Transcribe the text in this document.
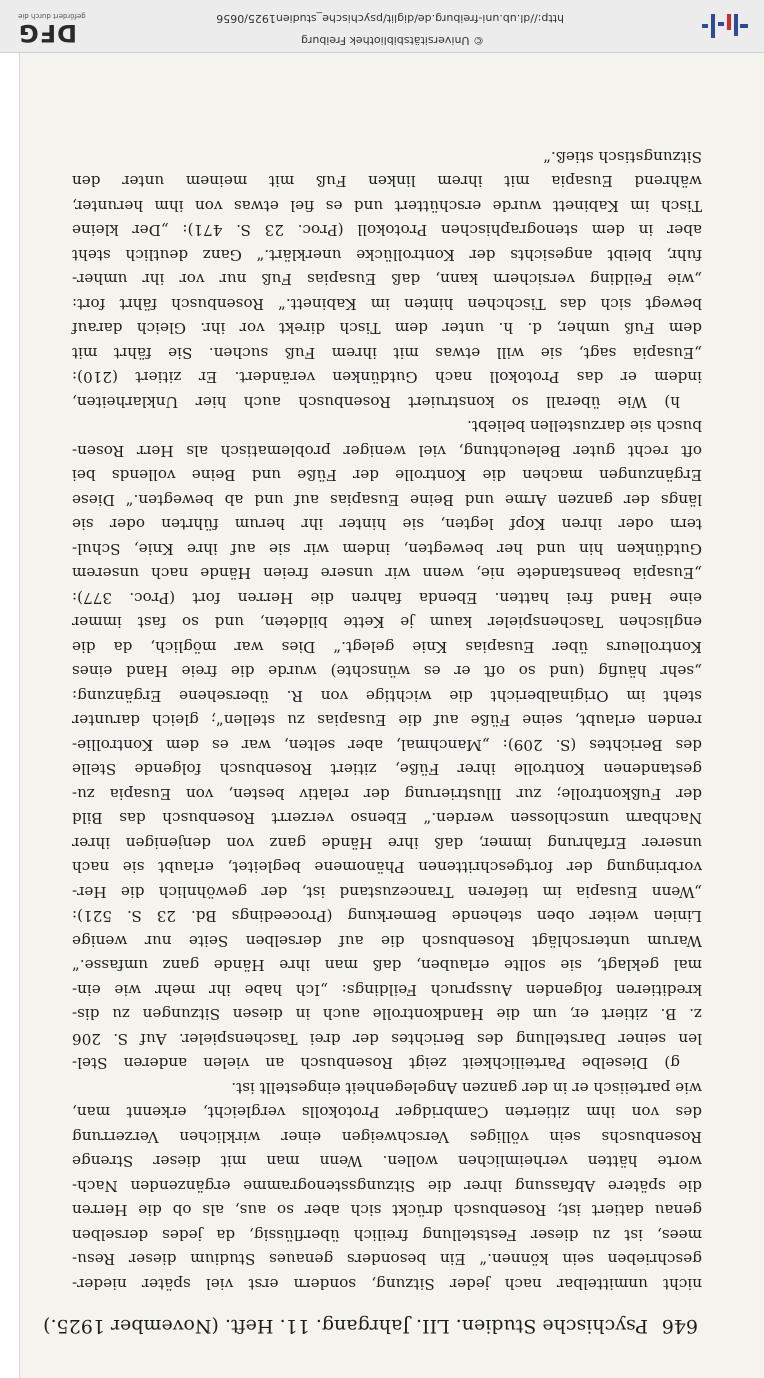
646
Psychische Studien. LII. Jahrgang. 11. Heft. (November 1925.)
nicht unmittelbar nach jeder Sitzung, sondern erst viel später nieder-
geschrieben sein können.“ Ein besonders genaues Studium dieser Resu-
mees, ist zu dieser Feststellung freilich überflüssig, da jedes derselben
genau datiert ist; Rosenbusch drückt sich aber so aus, als ob die Herren
die spätere Abfassung ihrer die Sitzungsstenogramme ergänzenden Nach-
worte hätten verheimlichen wollen. Wenn man mit dieser Strenge
Rosenbuschs sein völliges Verschweigen einer wirklichen Verzerrung
des von ihm zitierten Cambridger Protokolls vergleicht, erkennt man,
wie parteiisch er in der ganzen Angelegenheit eingestellt ist.
g) Dieselbe Parteilichkeit zeigt Rosenbusch an vielen anderen Stel-
len seiner Darstellung des Berichtes der drei Taschenspieler. Auf S. 206
z. B. zitiert er, um die Handkontrolle auch in diesen Sitzungen zu dis-
kreditieren folgenden Ausspruch Feildings: „Ich habe ihr mehr wie ein-
mal geklagt, sie sollte erlauben, daß man ihre Hände ganz umfasse.“
Warum unterschlägt Rosenbusch die auf derselben Seite nur wenige
Linien weiter oben stehende Bemerkung (Proceedings Bd. 23 S. 521):
„Wenn Eusapia im tieferen Trancezustand ist, der gewöhnlich die Her-
vorbringung der fortgeschrittenen Phänomene begleitet, erlaubt sie nach
unserer Erfahrung immer, daß ihre Hände ganz von denjenigen ihrer
Nachbarn umschlossen werden.“ Ebenso verzerrt Rosenbusch das Bild
der Fußkontrolle; zur Illustrierung der relativ besten, von Eusapia zu-
gestandenen Kontrolle ihrer Füße, zitiert Rosenbusch folgende Stelle
des Berichtes (S. 209): „Manchmal, aber selten, war es dem Kontrollie-
renden erlaubt, seine Füße auf die Eusapias zu stellen“; gleich darunter
steht im Originalbericht die wichtige von R. übersehene Ergänzung:
„sehr häufig (und so oft er es wünschte) wurde die freie Hand eines
Kontrolleurs über Eusapias Knie gelegt.“ Dies war möglich, da die
englischen Taschenspieler kaum je Kette bildeten, und so fast immer
eine Hand frei hatten. Ebenda fahren die Herren fort (Proc. 377):
„Eusapia beanstandete nie, wenn wir unsere freien Hände nach unserem
Gutdünken hin und her bewegten, indem wir sie auf ihre Knie, Schul-
tern oder ihren Kopf legten, sie hinter ihr herum führten oder sie
längs der ganzen Arme und Beine Eusapias auf und ab bewegten.“ Diese
Ergänzungen machen die Kontrolle der Füße und Beine vollends bei
oft recht guter Beleuchtung, viel weniger problematisch als Herr Rosen-
busch sie darzustellen beliebt.
h) Wie überall so konstruiert Rosenbusch auch hier Unklarheiten,
indem er das Protokoll nach Gutdünken verändert. Er zitiert (210):
„Eusapia sagt, sie will etwas mit ihrem Fuß suchen. Sie fährt mit
dem Fuß umher, d. h. unter dem Tisch direkt vor ihr. Gleich darauf
bewegt sich das Tischchen hinten im Kabinett.“ Rosenbusch fährt fort:
„wie Feilding versichern kann, daß Eusapias Fuß nur vor ihr umher-
fuhr, bleibt angesichts der Kontrollücke unerklärt.“ Ganz deutlich steht
aber in dem stenographischen Protokoll (Proc. 23 S. 471): „Der kleine
Tisch im Kabinett wurde erschüttert und es fiel etwas von ihm herunter,
während Eusapia mit ihrem linken Fuß mit meinem unter den
Sitzungstisch stieß.“
© Universitätsbibliothek Freiburg
http://dl.ub.uni-freiburg.de/diglit/psychische_studien1925/0656
DFG
gefördert durch die
